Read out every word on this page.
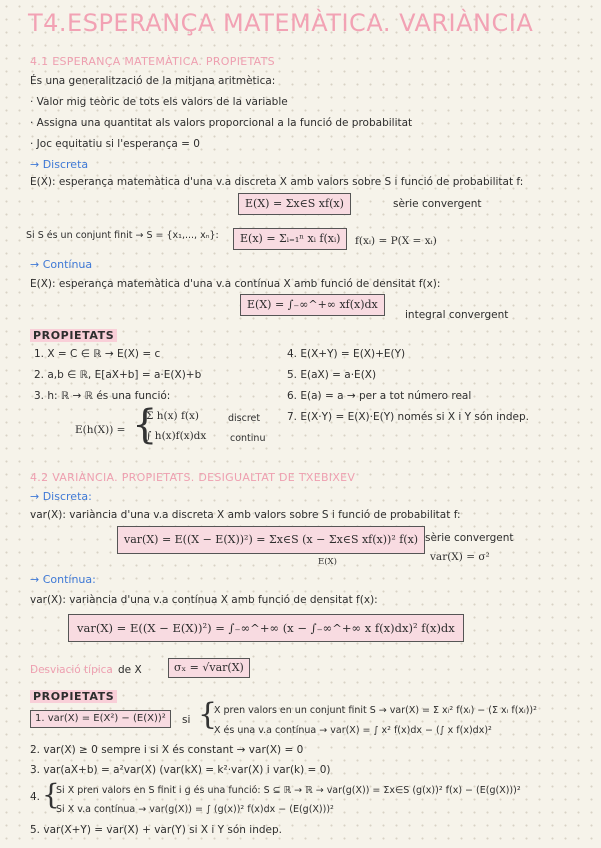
T4.ESPERANÇA MATEMÀTICA. VARIÀNCIA
4.1 ESPERANÇA MATEMÀTICA. PROPIETATS
És una generalització de la mitjana aritmètica:
· Valor mig teòric de tots els valors de la variable
· Assigna una quantitat als valors proporcional a la funció de probabilitat
· Joc equitatiu si l'esperança = 0
→ Discreta
E(X): esperança matemàtica d'una v.a discreta X amb valors sobre S i funció de probabilitat f:
E(X) = Σx∈S xf(x)	sèrie convergent
Si S és un conjunt finit → S = {x₁,..., xₙ}:	E(x) = Σᵢ₌₁ⁿ xᵢ f(xᵢ)	f(xᵢ) = P(X = xᵢ)
→ Contínua
E(X): esperança matemàtica d'una v.a contínua X amb funció de densitat f(x):
E(X) = ∫₋∞^+∞ xf(x)dx
integral convergent
PROPIETATS
1. X = C ∈ ℝ → E(X) = c
2. a,b ∈ ℝ, E[aX+b] = a·E(X)+b
3. h: ℝ → ℝ és una funció:
4. E(X+Y) = E(X)+E(Y)
5. E(aX) = a·E(X)
6. E(a) = a → per a tot número real
7. E(X·Y) = E(X)·E(Y) només si X i Y són indep.
E(h(X)) = {
Σ h(x) f(x)	discret
∫ h(x)f(x)dx continu
4.2 VARIÀNCIA. PROPIETATS. DESIGUALTAT DE TXEBIXEV
→ Discreta:
var(X): variància d'una v.a discreta X amb valors sobre S i funció de probabilitat f:
var(X) = E((X − E(X))²) = Σx∈S (x − Σx∈S xf(x))² f(x)
E(X)
sèrie convergent
var(X) = σ²
→ Contínua:
var(X): variància d'una v.a contínua X amb funció de densitat f(x):
var(X) = E((X − E(X))²) = ∫₋∞^+∞ (x − ∫₋∞^+∞ x f(x)dx)² f(x)dx
Desviació típica de X	σₓ = √var(X)
PROPIETATS
1. var(X) = E(X²) − (E(X))²	si {
X pren valors en un conjunt finit S → var(X) = Σ xᵢ² f(xᵢ) − (Σ xᵢ f(xᵢ))²
X és una v.a contínua → var(X) = ∫ x² f(x)dx − (∫ x f(x)dx)²
2. var(X) ≥ 0 sempre i si X és constant → var(X) = 0
3. var(aX+b) = a²var(X) (var(kX) = k²·var(X) i var(k) = 0)
4. {
Si X pren valors en S finit i g és una funció: S ⊆ ℝ → ℝ → var(g(X)) = Σx∈S (g(x))² f(x) − (E(g(X)))²
Si X v.a contínua → var(g(X)) = ∫ (g(x))² f(x)dx − (E(g(X)))²
5. var(X+Y) = var(X) + var(Y) si X i Y són indep.
